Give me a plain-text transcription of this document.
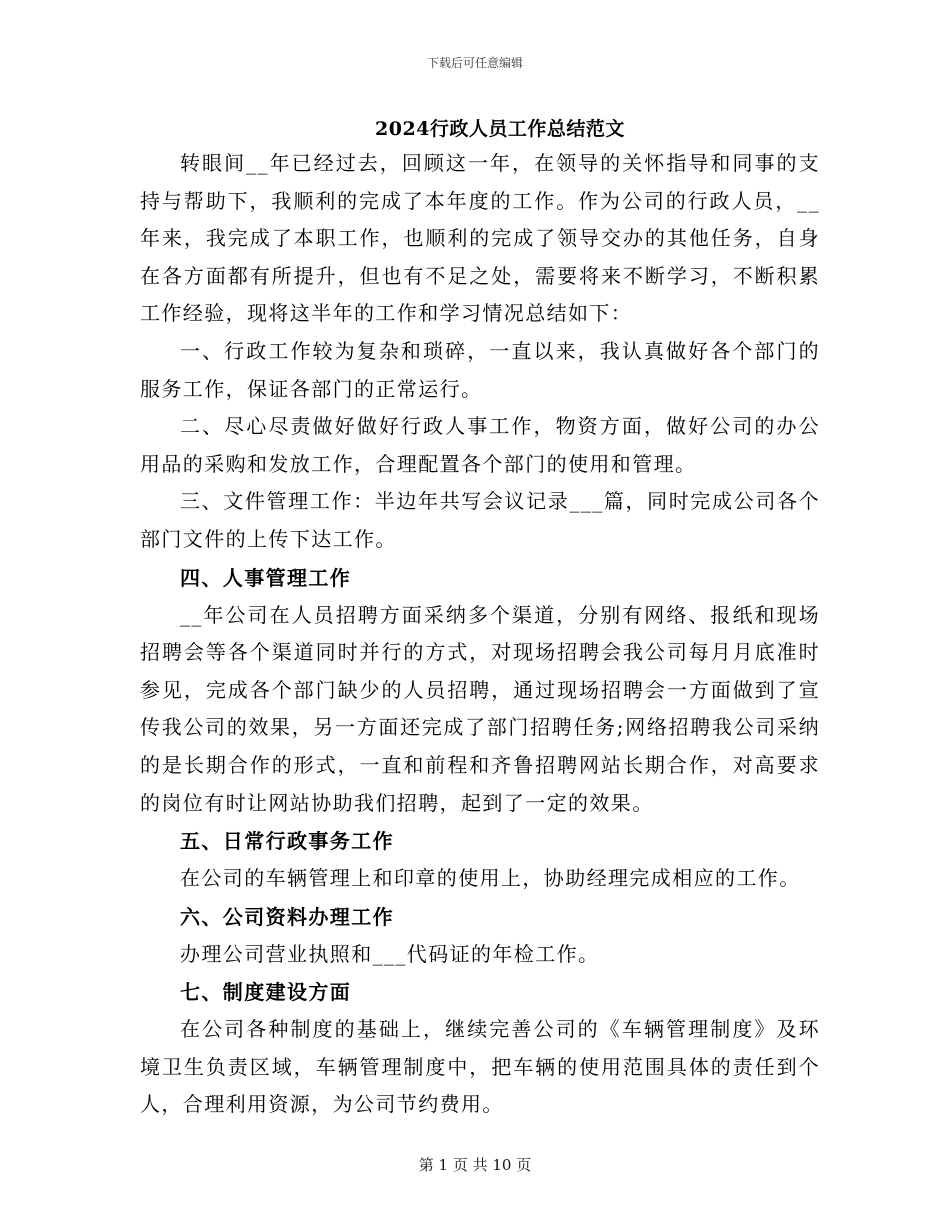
下载后可任意编辑
2024行政人员工作总结范文

转眼间__年已经过去，回顾这一年，在领导的关怀指导和同事的支持与帮助下，我顺利的完成了本年度的工作。作为公司的行政人员，__年来，我完成了本职工作，也顺利的完成了领导交办的其他任务，自身在各方面都有所提升，但也有不足之处，需要将来不断学习，不断积累工作经验，现将这半年的工作和学习情况总结如下：

一、行政工作较为复杂和琐碎，一直以来，我认真做好各个部门的服务工作，保证各部门的正常运行。

二、尽心尽责做好做好行政人事工作，物资方面，做好公司的办公用品的采购和发放工作，合理配置各个部门的使用和管理。

三、文件管理工作：半边年共写会议记录___篇，同时完成公司各个部门文件的上传下达工作。

四、人事管理工作

__年公司在人员招聘方面采纳多个渠道，分别有网络、报纸和现场招聘会等各个渠道同时并行的方式，对现场招聘会我公司每月月底准时参见，完成各个部门缺少的人员招聘，通过现场招聘会一方面做到了宣传我公司的效果，另一方面还完成了部门招聘任务;网络招聘我公司采纳的是长期合作的形式，一直和前程和齐鲁招聘网站长期合作，对高要求的岗位有时让网站协助我们招聘，起到了一定的效果。

五、日常行政事务工作

在公司的车辆管理上和印章的使用上，协助经理完成相应的工作。

六、公司资料办理工作

办理公司营业执照和___代码证的年检工作。

七、制度建设方面

在公司各种制度的基础上，继续完善公司的《车辆管理制度》及环境卫生负责区域，车辆管理制度中，把车辆的使用范围具体的责任到个人，合理利用资源，为公司节约费用。

第 1 页 共 10 页
